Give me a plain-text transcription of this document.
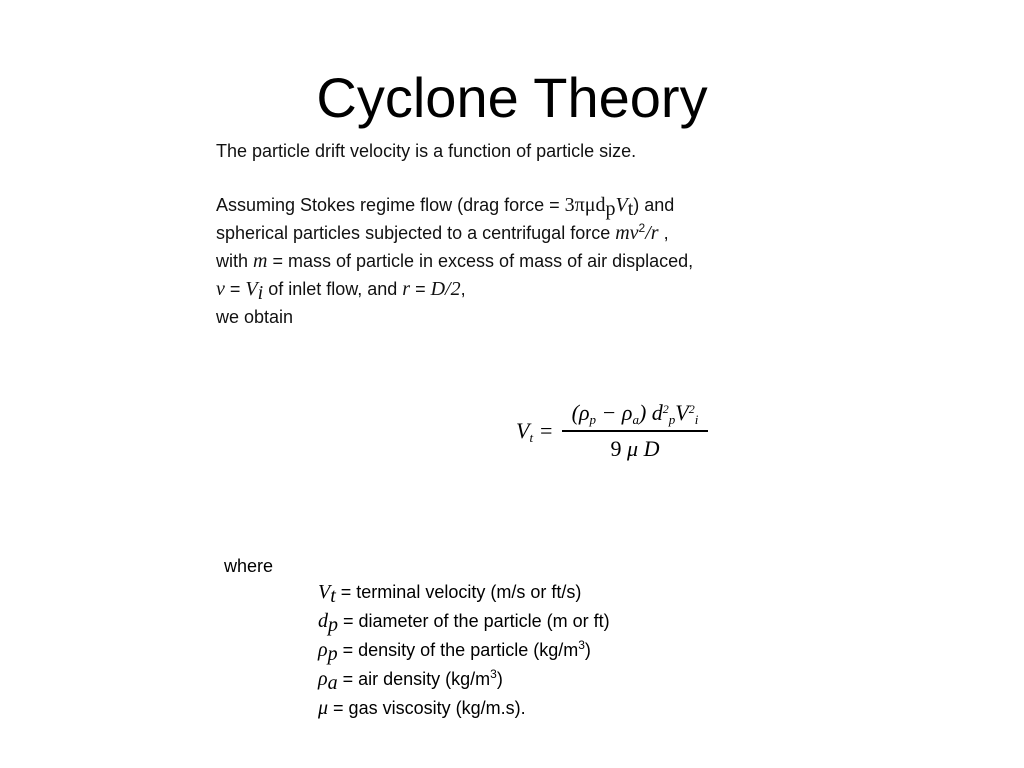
Cyclone Theory
The particle drift velocity is a function of particle size.
Assuming Stokes regime flow (drag force = $3\pi\mu d_pV_t$) and
spherical particles subjected to a centrifugal force $mv^2/r$ ,
with m = mass of particle in excess of mass of air displaced,
$v = V_i$ of inlet flow, and r = D/2,
we obtain
$V_t$ =
$(\rho_p - \rho_a)$ $d^2_pV^2_i$
9 μ D
where
$V_t$ = terminal velocity (m/s or ft/s)
$d_p$ = diameter of the particle (m or ft)
$\rho_p$ = density of the particle $(kg/m^3)$
$\rho_a$ = air density $(kg/m^3)$
μ = gas viscosity (kg/m.s).
